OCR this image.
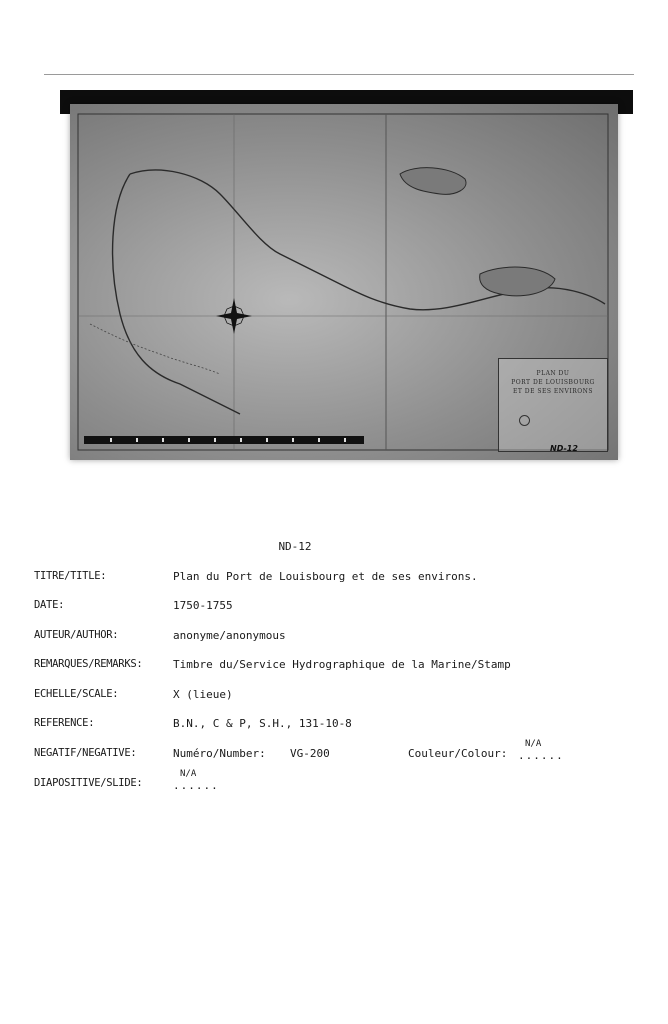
PLAN DU
PORT DE LOUISBOURG
ET DE SES ENVIRONS
ND-12
ND-12
TITRE/TITLE:	Plan du Port de Louisbourg et de ses environs.
DATE:	1750-1755
AUTEUR/AUTHOR:	anonyme/anonymous
REMARQUES/REMARKS:	Timbre du/Service Hydrographique de la Marine/Stamp
ECHELLE/SCALE:	X (lieue)
REFERENCE:	B.N., C & P, S.H., 131-10-8
NEGATIF/NEGATIVE:	Numéro/Number: VG-200	Couleur/Colour:
N/A
......
DIAPOSITIVE/SLIDE:
N/A
......
